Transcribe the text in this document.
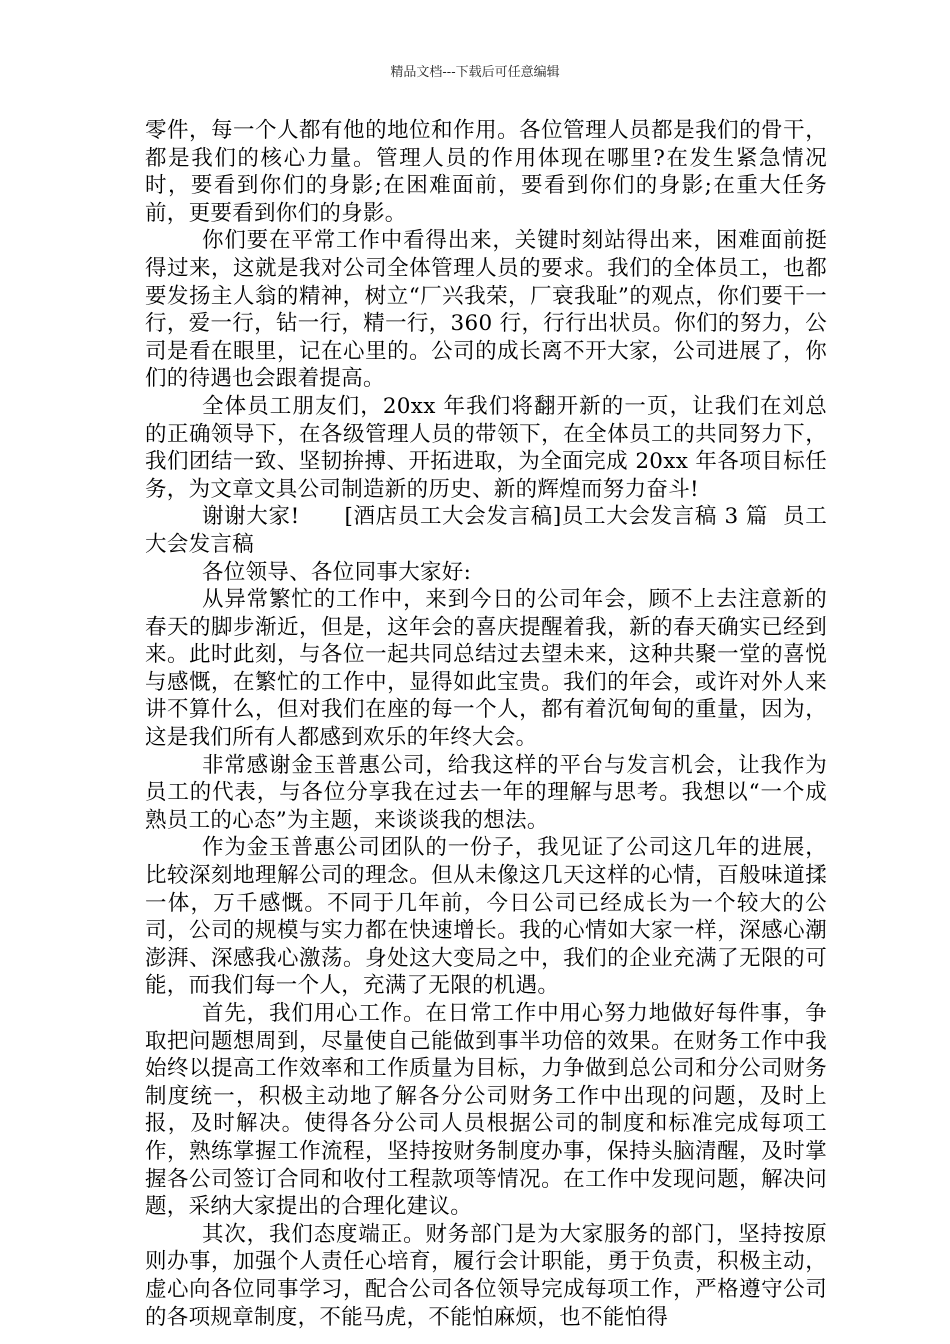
精品文档---下载后可任意编辑

零件，每一个人都有他的地位和作用。各位管理人员都是我们的骨干，都是我们的核心力量。管理人员的作用体现在哪里?在发生紧急情况时，要看到你们的身影;在困难面前，要看到你们的身影;在重大任务前，更要看到你们的身影。

你们要在平常工作中看得出来，关键时刻站得出来，困难面前挺得过来，这就是我对公司全体管理人员的要求。我们的全体员工，也都要发扬主人翁的精神，树立“厂兴我荣，厂衰我耻”的观点，你们要干一行，爱一行，钻一行，精一行，360 行，行行出状员。你们的努力，公司是看在眼里，记在心里的。公司的成长离不开大家，公司进展了，你们的待遇也会跟着提高。

全体员工朋友们，20xx 年我们将翻开新的一页，让我们在刘总的正确领导下，在各级管理人员的带领下，在全体员工的共同努力下，我们团结一致、坚韧拚搏、开拓进取，为全面完成 20xx 年各项目标任务，为文章文具公司制造新的历史、新的辉煌而努力奋斗!

谢谢大家!      [酒店员工大会发言稿]员工大会发言稿 3 篇  员工大会发言稿

各位领导、各位同事大家好:

从异常繁忙的工作中，来到今日的公司年会，顾不上去注意新的春天的脚步渐近，但是，这年会的喜庆提醒着我，新的春天确实已经到来。此时此刻，与各位一起共同总结过去望未来，这种共聚一堂的喜悦与感慨，在繁忙的工作中，显得如此宝贵。我们的年会，或许对外人来讲不算什么，但对我们在座的每一个人，都有着沉甸甸的重量，因为，这是我们所有人都感到欢乐的年终大会。

非常感谢金玉普惠公司，给我这样的平台与发言机会，让我作为员工的代表，与各位分享我在过去一年的理解与思考。我想以“一个成熟员工的心态”为主题，来谈谈我的想法。

作为金玉普惠公司团队的一份子，我见证了公司这几年的进展，比较深刻地理解公司的理念。但从未像这几天这样的心情，百般味道揉一体，万千感慨。不同于几年前，今日公司已经成长为一个较大的公司，公司的规模与实力都在快速增长。我的心情如大家一样，深感心潮澎湃、深感我心激荡。身处这大变局之中，我们的企业充满了无限的可能，而我们每一个人，充满了无限的机遇。

首先，我们用心工作。在日常工作中用心努力地做好每件事，争取把问题想周到，尽量使自己能做到事半功倍的效果。在财务工作中我始终以提高工作效率和工作质量为目标，力争做到总公司和分公司财务制度统一，积极主动地了解各分公司财务工作中出现的问题，及时上报，及时解决。使得各分公司人员根据公司的制度和标准完成每项工作，熟练掌握工作流程，坚持按财务制度办事，保持头脑清醒，及时掌握各公司签订合同和收付工程款项等情况。在工作中发现问题，解决问题，采纳大家提出的合理化建议。

其次，我们态度端正。财务部门是为大家服务的部门，坚持按原则办事，加强个人责任心培育，履行会计职能，勇于负责，积极主动，虚心向各位同事学习，配合公司各位领导完成每项工作，严格遵守公司的各项规章制度，不能马虎，不能怕麻烦，也不能怕得
